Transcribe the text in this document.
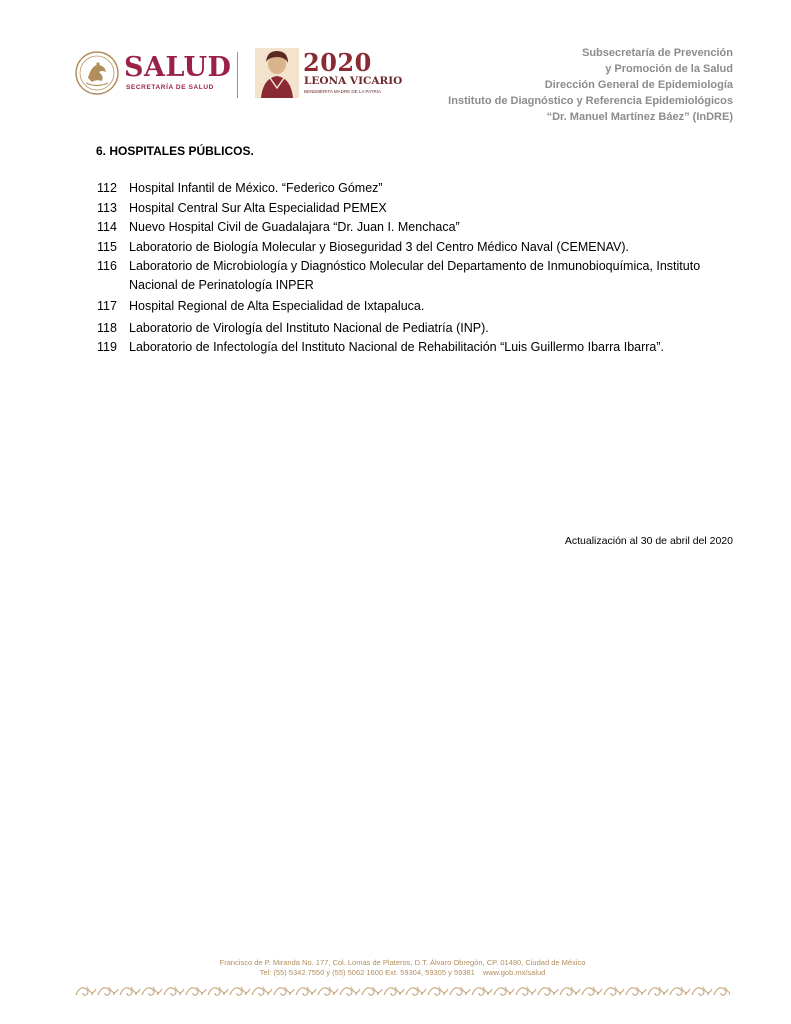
SALUD
SECRETARÍA DE SALUD
2020
LEONA VICARIO
BENEMÉRITA MADRE DE LA PATRIA
Subsecretaría de Prevención
y Promoción de la Salud
Dirección General de Epidemiología
Instituto de Diagnóstico y Referencia Epidemiológicos
“Dr. Manuel Martínez Báez” (InDRE)
6. HOSPITALES PÚBLICOS.
112 Hospital Infantil de México. “Federico Gómez”
113 Hospital Central Sur Alta Especialidad PEMEX
114 Nuevo Hospital Civil de Guadalajara “Dr. Juan I. Menchaca”
115 Laboratorio de Biología Molecular y Bioseguridad 3 del Centro Médico Naval (CEMENAV).
116 Laboratorio de Microbiología y Diagnóstico Molecular del Departamento de Inmunobioquímica, Instituto Nacional de Perinatología INPER
117 Hospital Regional de Alta Especialidad de Ixtapaluca.
118 Laboratorio de Virología del Instituto Nacional de Pediatría (INP).
119 Laboratorio de Infectología del Instituto Nacional de Rehabilitación “Luis Guillermo Ibarra Ibarra”.
Actualización al 30 de abril del 2020
Francisco de P. Miranda No. 177, Col. Lomas de Plateros, D.T. Álvaro Obregón, CP. 01480, Ciudad de México
Tel: (55) 5342 7550 y (55) 5062 1600 Ext. 59304, 59305 y 59381 www.gob.mx/salud
